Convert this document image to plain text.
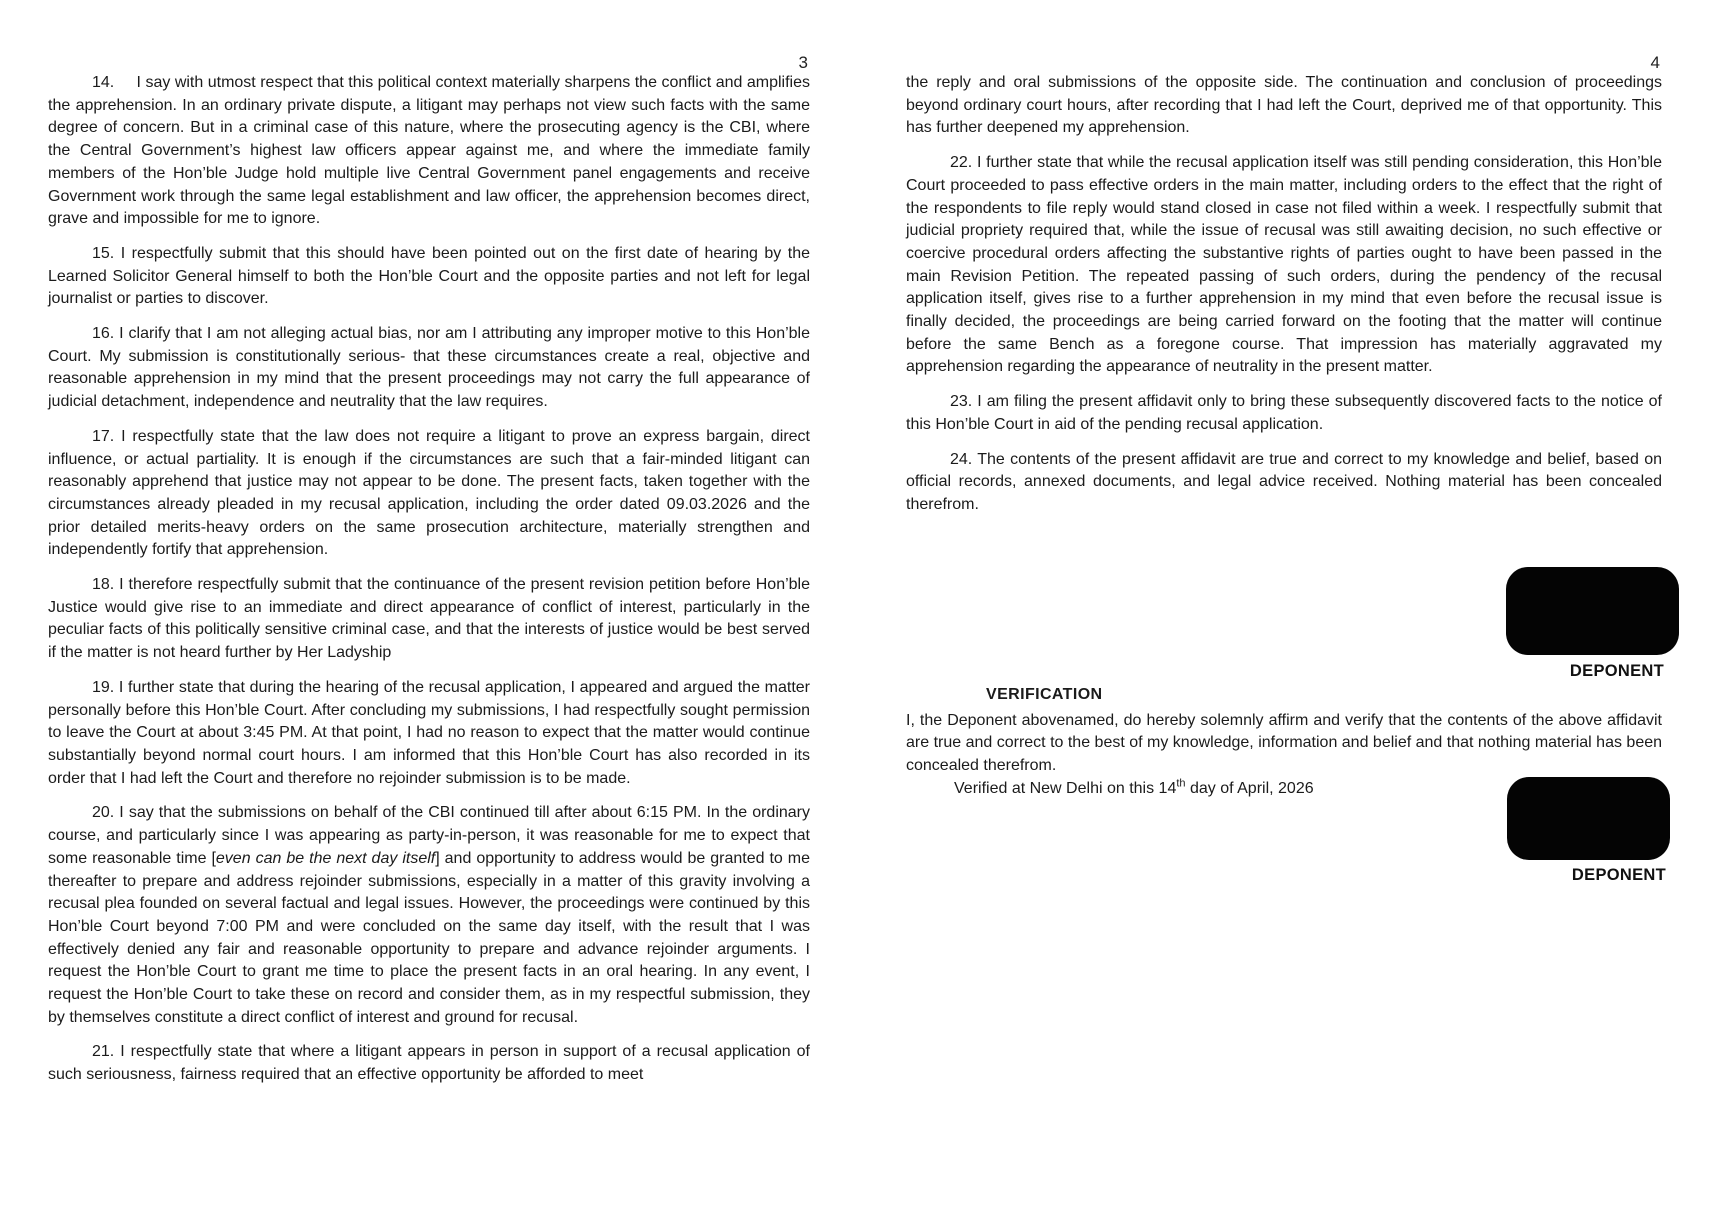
3

14.     I say with utmost respect that this political context materially sharpens the conflict and amplifies the apprehension. In an ordinary private dispute, a litigant may perhaps not view such facts with the same degree of concern. But in a criminal case of this nature, where the prosecuting agency is the CBI, where the Central Government’s highest law officers appear against me, and where the immediate family members of the Hon’ble Judge hold multiple live Central Government panel engagements and receive Government work through the same legal establishment and law officer, the apprehension becomes direct, grave and impossible for me to ignore.

15. I respectfully submit that this should have been pointed out on the first date of hearing by the Learned Solicitor General himself to both the Hon’ble Court and the opposite parties and not left for legal journalist or parties to discover.

16. I clarify that I am not alleging actual bias, nor am I attributing any improper motive to this Hon’ble Court. My submission is constitutionally serious- that these circumstances create a real, objective and reasonable apprehension in my mind that the present proceedings may not carry the full appearance of judicial detachment, independence and neutrality that the law requires.

17. I respectfully state that the law does not require a litigant to prove an express bargain, direct influence, or actual partiality. It is enough if the circumstances are such that a fair-minded litigant can reasonably apprehend that justice may not appear to be done. The present facts, taken together with the circumstances already pleaded in my recusal application, including the order dated 09.03.2026 and the prior detailed merits-heavy orders on the same prosecution architecture, materially strengthen and independently fortify that apprehension.

18. I therefore respectfully submit that the continuance of the present revision petition before Hon’ble Justice would give rise to an immediate and direct appearance of conflict of interest, particularly in the peculiar facts of this politically sensitive criminal case, and that the interests of justice would be best served if the matter is not heard further by Her Ladyship

19. I further state that during the hearing of the recusal application, I appeared and argued the matter personally before this Hon’ble Court. After concluding my submissions, I had respectfully sought permission to leave the Court at about 3:45 PM. At that point, I had no reason to expect that the matter would continue substantially beyond normal court hours. I am informed that this Hon’ble Court has also recorded in its order that I had left the Court and therefore no rejoinder submission is to be made.

20. I say that the submissions on behalf of the CBI continued till after about 6:15 PM. In the ordinary course, and particularly since I was appearing as party-in-person, it was reasonable for me to expect that some reasonable time [even can be the next day itself] and opportunity to address would be granted to me thereafter to prepare and address rejoinder submissions, especially in a matter of this gravity involving a recusal plea founded on several factual and legal issues. However, the proceedings were continued by this Hon’ble Court beyond 7:00 PM and were concluded on the same day itself, with the result that I was effectively denied any fair and reasonable opportunity to prepare and advance rejoinder arguments. I request the Hon’ble Court to grant me time to place the present facts in an oral hearing. In any event, I request the Hon’ble Court to take these on record and consider them, as in my respectful submission, they by themselves constitute a direct conflict of interest and ground for recusal.

21. I respectfully state that where a litigant appears in person in support of a recusal application of such seriousness, fairness required that an effective opportunity be afforded to meet

4

the reply and oral submissions of the opposite side. The continuation and conclusion of proceedings beyond ordinary court hours, after recording that I had left the Court, deprived me of that opportunity. This has further deepened my apprehension.

22. I further state that while the recusal application itself was still pending consideration, this Hon’ble Court proceeded to pass effective orders in the main matter, including orders to the effect that the right of the respondents to file reply would stand closed in case not filed within a week. I respectfully submit that judicial propriety required that, while the issue of recusal was still awaiting decision, no such effective or coercive procedural orders affecting the substantive rights of parties ought to have been passed in the main Revision Petition. The repeated passing of such orders, during the pendency of the recusal application itself, gives rise to a further apprehension in my mind that even before the recusal issue is finally decided, the proceedings are being carried forward on the footing that the matter will continue before the same Bench as a foregone course. That impression has materially aggravated my apprehension regarding the appearance of neutrality in the present matter.

23. I am filing the present affidavit only to bring these subsequently discovered facts to the notice of this Hon’ble Court in aid of the pending recusal application.

24. The contents of the present affidavit are true and correct to my knowledge and belief, based on official records, annexed documents, and legal advice received. Nothing material has been concealed therefrom.

DEPONENT
VERIFICATION

I, the Deponent abovenamed, do hereby solemnly affirm and verify that the contents of the above affidavit are true and correct to the best of my knowledge, information and belief and that nothing material has been concealed therefrom.

Verified at New Delhi on this 14th day of April, 2026

DEPONENT
